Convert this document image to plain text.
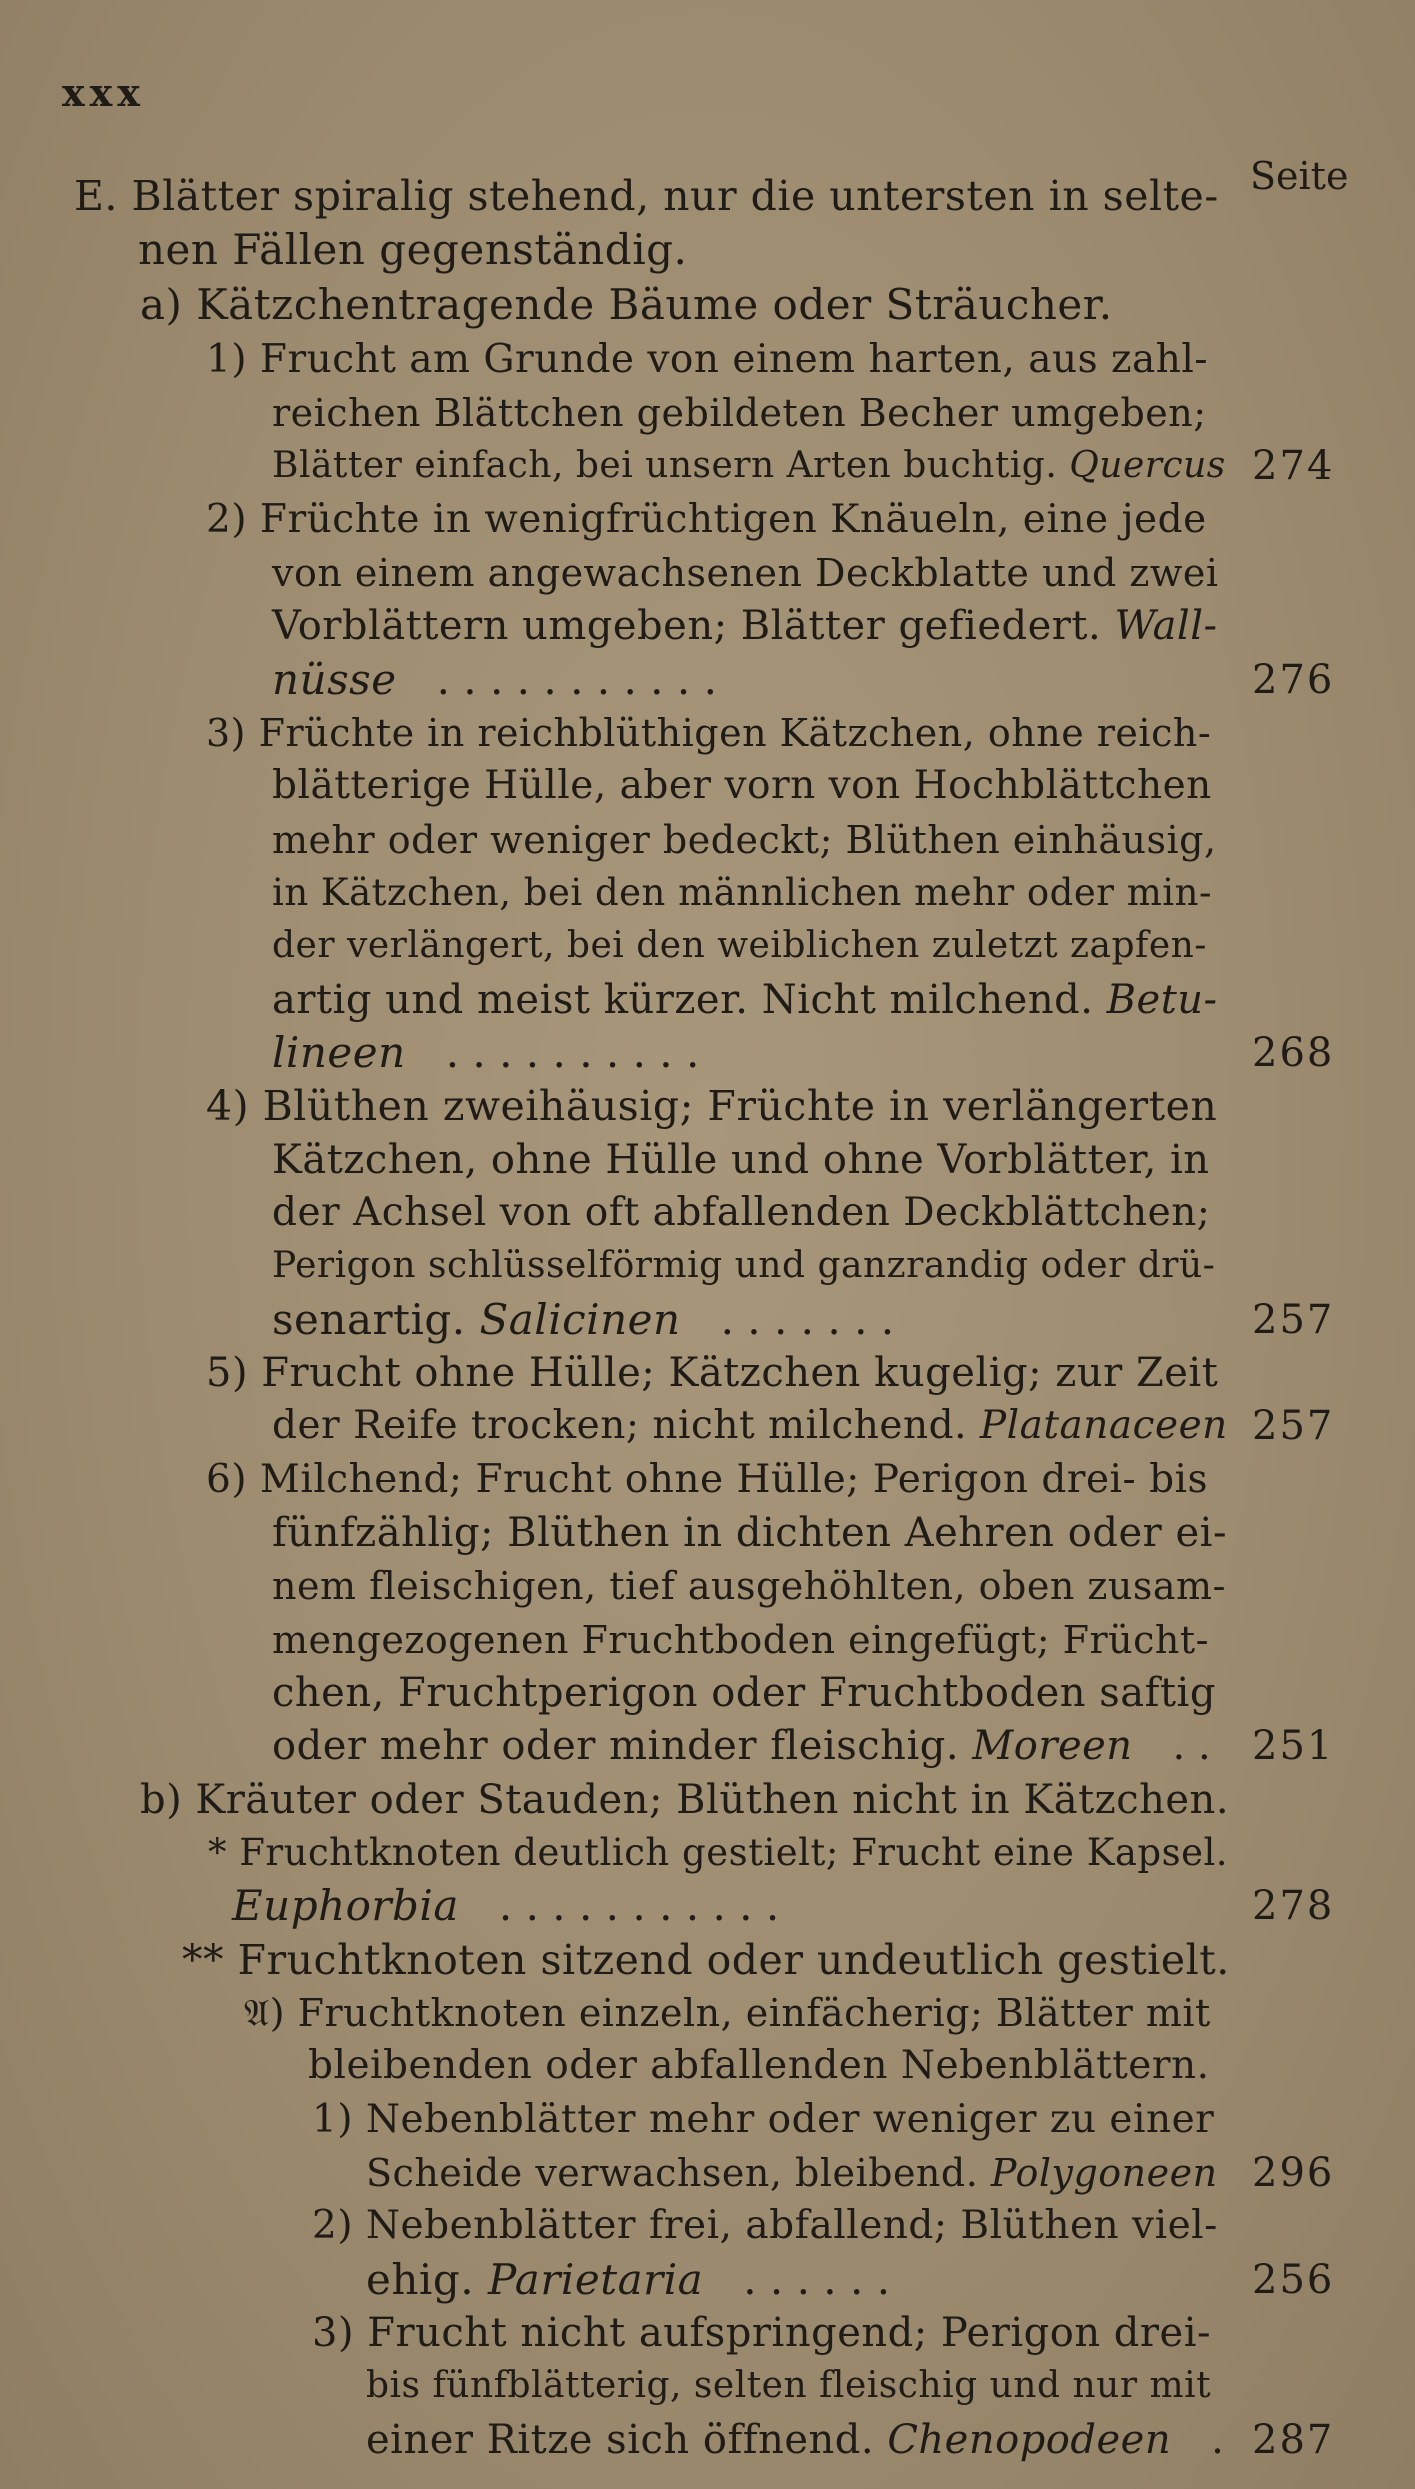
xxx
Seite
E. Blätter spiralig stehend, nur die untersten in selte-
nen Fällen gegenständig.
a) Kätzchentragende Bäume oder Sträucher.
1) Frucht am Grunde von einem harten, aus zahl-
reichen Blättchen gebildeten Becher umgeben;
Blätter einfach, bei unsern Arten buchtig. Quercus 274
2) Früchte in wenigfrüchtigen Knäueln, eine jede
von einem angewachsenen Deckblatte und zwei
Vorblättern umgeben; Blätter gefiedert. Wall-
nüsse . . . . . . . . . . .	276
3) Früchte in reichblüthigen Kätzchen, ohne reich-
blätterige Hülle, aber vorn von Hochblättchen
mehr oder weniger bedeckt; Blüthen einhäusig,
in Kätzchen, bei den männlichen mehr oder min-
der verlängert, bei den weiblichen zuletzt zapfen-
artig und meist kürzer. Nicht milchend. Betu-
lineen . . . . . . . . . .	268
4) Blüthen zweihäusig; Früchte in verlängerten
Kätzchen, ohne Hülle und ohne Vorblätter, in
der Achsel von oft abfallenden Deckblättchen;
Perigon schlüsselförmig und ganzrandig oder drü-
senartig. Salicinen . . . . . . .	257
5) Frucht ohne Hülle; Kätzchen kugelig; zur Zeit
der Reife trocken; nicht milchend. Platanaceen 257
6) Milchend; Frucht ohne Hülle; Perigon drei- bis
fünfzählig; Blüthen in dichten Aehren oder ei-
nem fleischigen, tief ausgehöhlten, oben zusam-
mengezogenen Fruchtboden eingefügt; Frücht-
chen, Fruchtperigon oder Fruchtboden saftig
oder mehr oder minder fleischig. Moreen . . 251
b) Kräuter oder Stauden; Blüthen nicht in Kätzchen.
* Fruchtknoten deutlich gestielt; Frucht eine Kapsel.
Euphorbia . . . . . . . . . . .	278
** Fruchtknoten sitzend oder undeutlich gestielt.
𝔄) Fruchtknoten einzeln, einfächerig; Blätter mit
bleibenden oder abfallenden Nebenblättern.
1) Nebenblätter mehr oder weniger zu einer
Scheide verwachsen, bleibend. Polygoneen 296
2) Nebenblätter frei, abfallend; Blüthen viel-
ehig. Parietaria . . . . . .	256
3) Frucht nicht aufspringend; Perigon drei-
bis fünfblätterig, selten fleischig und nur mit
einer Ritze sich öffnend. Chenopodeen . 287
